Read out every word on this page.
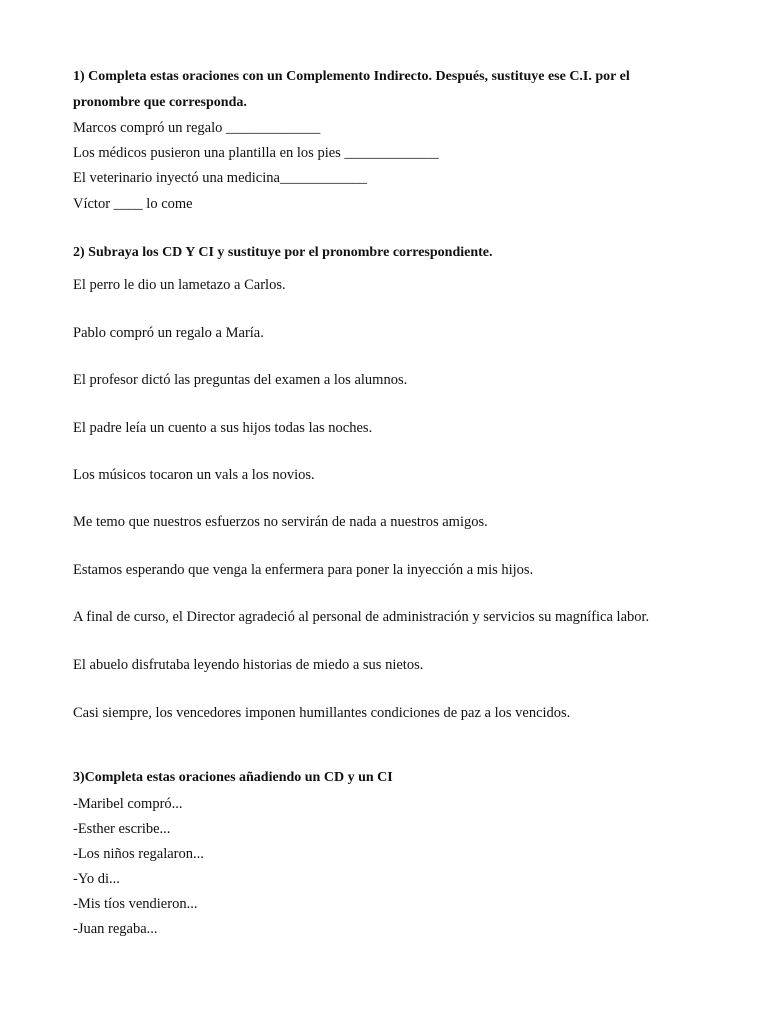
1) Completa estas oraciones con un Complemento Indirecto. Después, sustituye ese C.I. por el
pronombre que corresponda.
Marcos compró un regalo _____________
Los médicos pusieron una plantilla en los pies _____________
El veterinario inyectó una medicina____________
Víctor ____ lo come
2) Subraya los CD Y CI y sustituye por el pronombre correspondiente.
El perro le dio un lametazo a Carlos.
Pablo compró un regalo a María.
El profesor dictó las preguntas del examen a los alumnos.
El padre leía un cuento a sus hijos todas las noches.
Los músicos tocaron un vals a los novios.
Me temo que nuestros esfuerzos no servirán de nada a nuestros amigos.
Estamos esperando que venga la enfermera para poner la inyección a mis hijos.
A final de curso, el Director agradeció al personal de administración y servicios su magnífica labor.
El abuelo disfrutaba leyendo historias de miedo a sus nietos.
Casi siempre, los vencedores imponen humillantes condiciones de paz a los vencidos.
3)Completa estas oraciones añadiendo un CD y un CI
-Maribel compró...
-Esther escribe...
-Los niños regalaron...
-Yo di...
-Mis tíos vendieron...
-Juan regaba...
